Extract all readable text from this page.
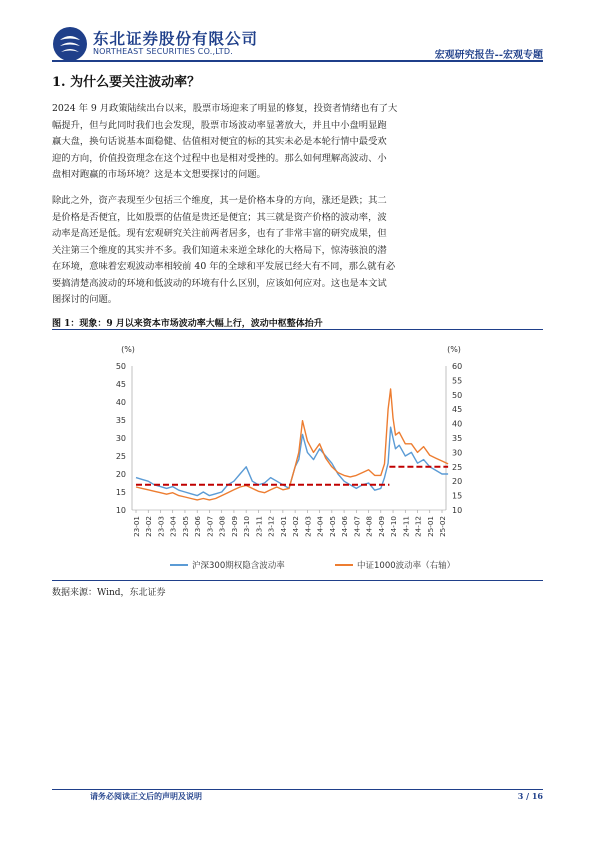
东北证券股份有限公司
NORTHEAST SECURITIES CO.,LTD.	宏观研究报告--宏观专题
1. 为什么要关注波动率？

2024 年 9 月政策陆续出台以来，股票市场迎来了明显的修复，投资者情绪也有了大
幅提升，但与此同时我们也会发现，股票市场波动率显著放大，并且中小盘明显跑
赢大盘，换句话说基本面稳健、估值相对便宜的标的其实未必是本轮行情中最受欢
迎的方向，价值投资理念在这个过程中也是相对受挫的。那么如何理解高波动、小
盘相对跑赢的市场环境？这是本文想要探讨的问题。

除此之外，资产表现至少包括三个维度，其一是价格本身的方向，涨还是跌；其二
是价格是否便宜，比如股票的估值是贵还是便宜；其三就是资产价格的波动率，波
动率是高还是低。现有宏观研究关注前两者居多，也有了非常丰富的研究成果，但
关注第三个维度的其实并不多。我们知道未来逆全球化的大格局下，惊涛骇浪的潜
在环境，意味着宏观波动率相较前 40 年的全球和平发展已经大有不同，那么就有必
要搞清楚高波动的环境和低波动的环境有什么区别，应该如何应对。这也是本文试
图探讨的问题。

图 1：现象：9 月以来资本市场波动率大幅上行，波动中枢整体抬升
(%)	(%)
10
15
20
25
30
35
40
45
50
10
15
20
25
30
35
40
45
50
55
60
23-01 23-02 23-03 23-04 23-05 23-06 23-07 23-08 23-09 23-10 23-11 23-12 24-01 24-02 24-03 24-04 24-05 24-06 24-07 24-08 24-09 24-10 24-11 24-12 25-01 25-02
沪深300期权隐含波动率	中证1000波动率（右轴）
数据来源：Wind，东北证券
请务必阅读正文后的声明及说明	3 / 16
